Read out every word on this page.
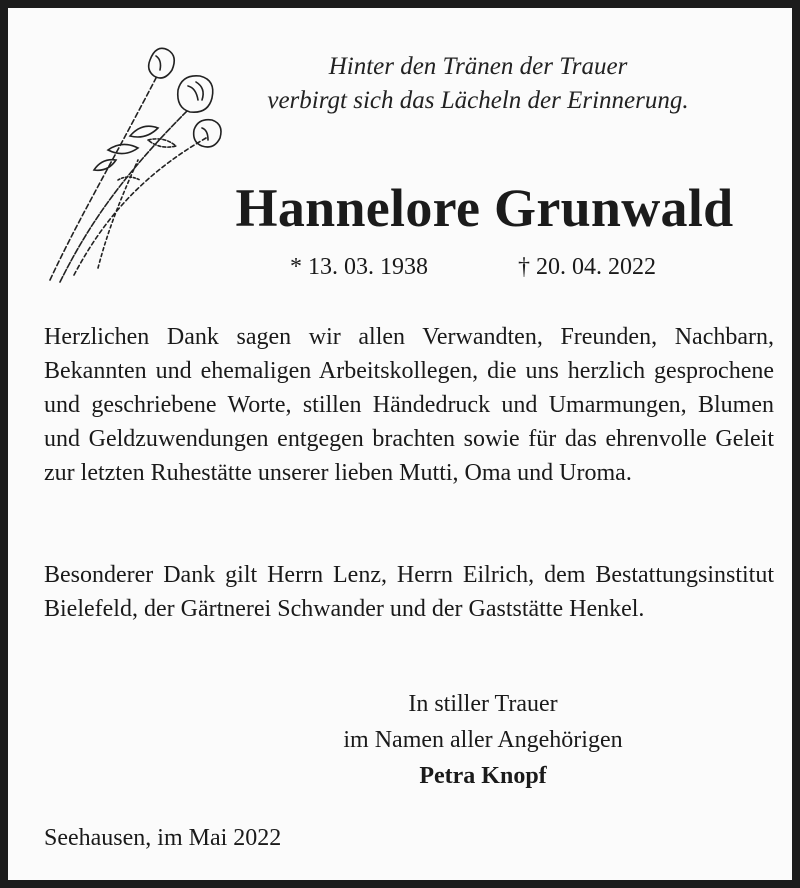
Hinter den Tränen der Trauer
verbirgt sich das Lächeln der Erinnerung.
Hannelore Grunwald
* 13. 03. 1938	† 20. 04. 2022
Herzlichen Dank sagen wir allen Verwandten, Freunden, Nachbarn, Bekannten und ehemaligen Arbeitskollegen, die uns herzlich gesprochene und geschriebene Worte, stillen Händedruck und Umarmungen, Blumen und Geldzuwendungen entgegen brachten sowie für das ehrenvolle Geleit zur letzten Ruhestätte unserer lieben Mutti, Oma und Uroma.
Besonderer Dank gilt Herrn Lenz, Herrn Eilrich, dem Bestattungsinstitut Bielefeld, der Gärtnerei Schwander und der Gaststätte Henkel.
In stiller Trauer
im Namen aller Angehörigen
Petra Knopf
Seehausen, im Mai 2022
